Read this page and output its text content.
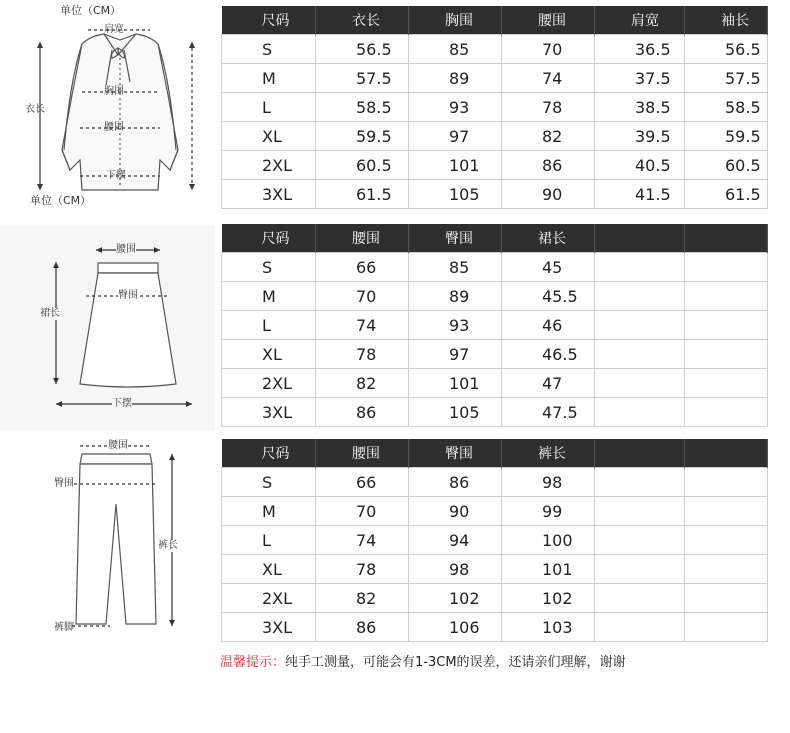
单位（CM）
肩宽
胸围
衣长
腰围
下摆
单位（CM）
腰围
臀围
裙长
下摆
腰围
臀围
裤长
裤脚
尺码	衣长	胸围	腰围	肩宽	袖长

S	56.5	85	70	36.5	56.5

M	57.5	89	74	37.5	57.5

L	58.5	93	78	38.5	58.5

XL	59.5	97	82	39.5	59.5

2XL	60.5	101	86	40.5	60.5

3XL	61.5	105	90	41.5	61.5
尺码	腰围	臀围	裙长		

S	66	85	45		

M	70	89	45.5		

L	74	93	46		

XL	78	97	46.5		

2XL	82	101	47		

3XL	86	105	47.5		

尺码	腰围	臀围	裤长		

S	66	86	98		

M	70	90	99		

L	74	94	100		

XL	78	98	101		

2XL	82	102	102		

3XL	86	106	103		

温馨提示：纯手工测量，可能会有1-3CM的误差，还请亲们理解，谢谢
